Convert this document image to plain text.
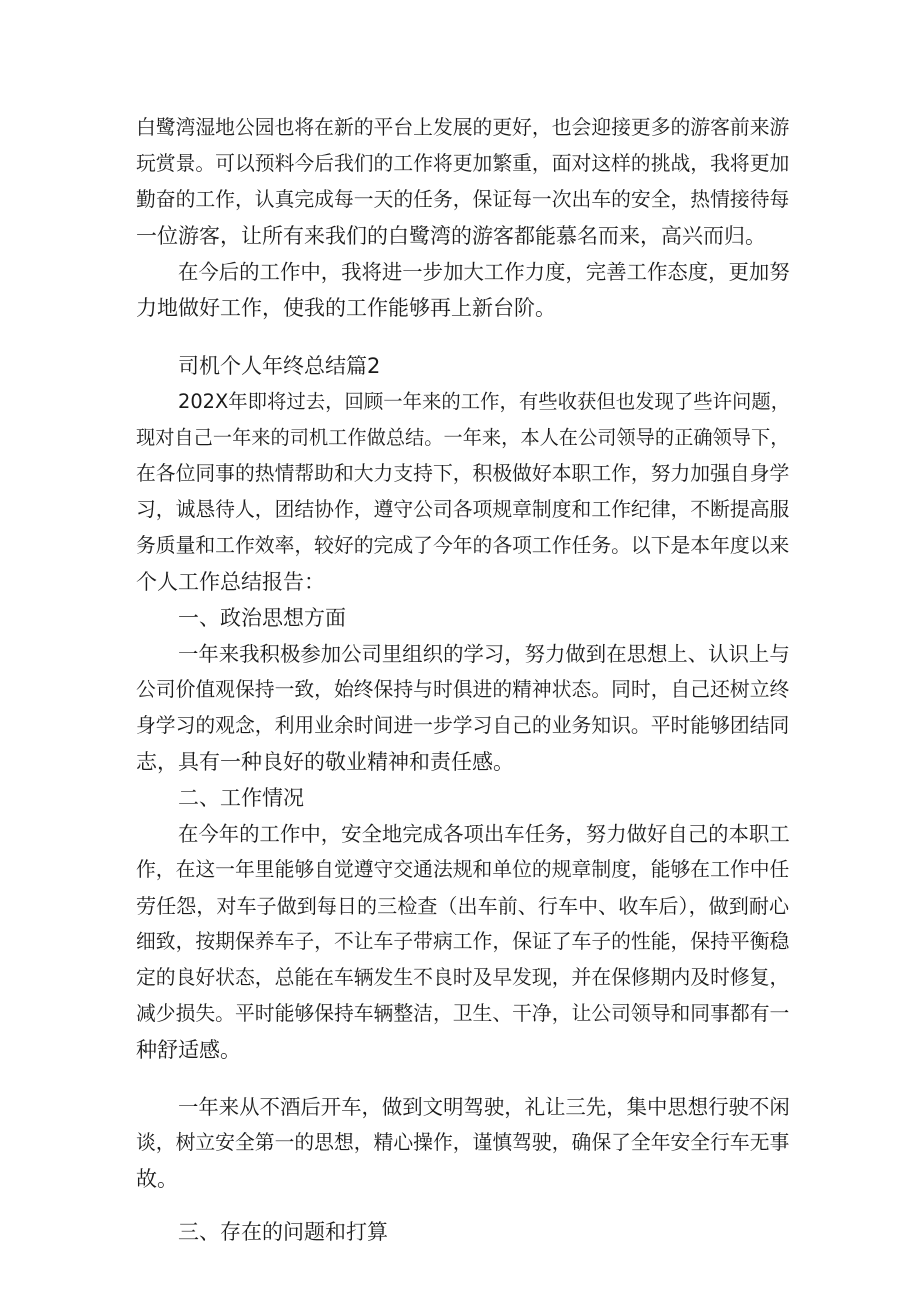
白鹭湾湿地公园也将在新的平台上发展的更好，也会迎接更多的游客前来游
玩赏景。可以预料今后我们的工作将更加繁重，面对这样的挑战，我将更加
勤奋的工作，认真完成每一天的任务，保证每一次出车的安全，热情接待每
一位游客，让所有来我们的白鹭湾的游客都能慕名而来，高兴而归。
在今后的工作中，我将进一步加大工作力度，完善工作态度，更加努
力地做好工作，使我的工作能够再上新台阶。
司机个人年终总结篇2
202X年即将过去，回顾一年来的工作，有些收获但也发现了些许问题，
现对自己一年来的司机工作做总结。一年来，本人在公司领导的正确领导下，
在各位同事的热情帮助和大力支持下，积极做好本职工作，努力加强自身学
习，诚恳待人，团结协作，遵守公司各项规章制度和工作纪律，不断提高服
务质量和工作效率，较好的完成了今年的各项工作任务。以下是本年度以来
个人工作总结报告：
一、政治思想方面
一年来我积极参加公司里组织的学习，努力做到在思想上、认识上与
公司价值观保持一致，始终保持与时俱进的精神状态。同时，自己还树立终
身学习的观念，利用业余时间进一步学习自己的业务知识。平时能够团结同
志，具有一种良好的敬业精神和责任感。
二、工作情况
在今年的工作中，安全地完成各项出车任务，努力做好自己的本职工
作，在这一年里能够自觉遵守交通法规和单位的规章制度，能够在工作中任
劳任怨，对车子做到每日的三检查（出车前、行车中、收车后），做到耐心
细致，按期保养车子，不让车子带病工作，保证了车子的性能，保持平衡稳
定的良好状态，总能在车辆发生不良时及早发现，并在保修期内及时修复，
减少损失。平时能够保持车辆整洁，卫生、干净，让公司领导和同事都有一
种舒适感。
一年来从不酒后开车，做到文明驾驶，礼让三先，集中思想行驶不闲
谈，树立安全第一的思想，精心操作，谨慎驾驶，确保了全年安全行车无事
故。
三、存在的问题和打算
